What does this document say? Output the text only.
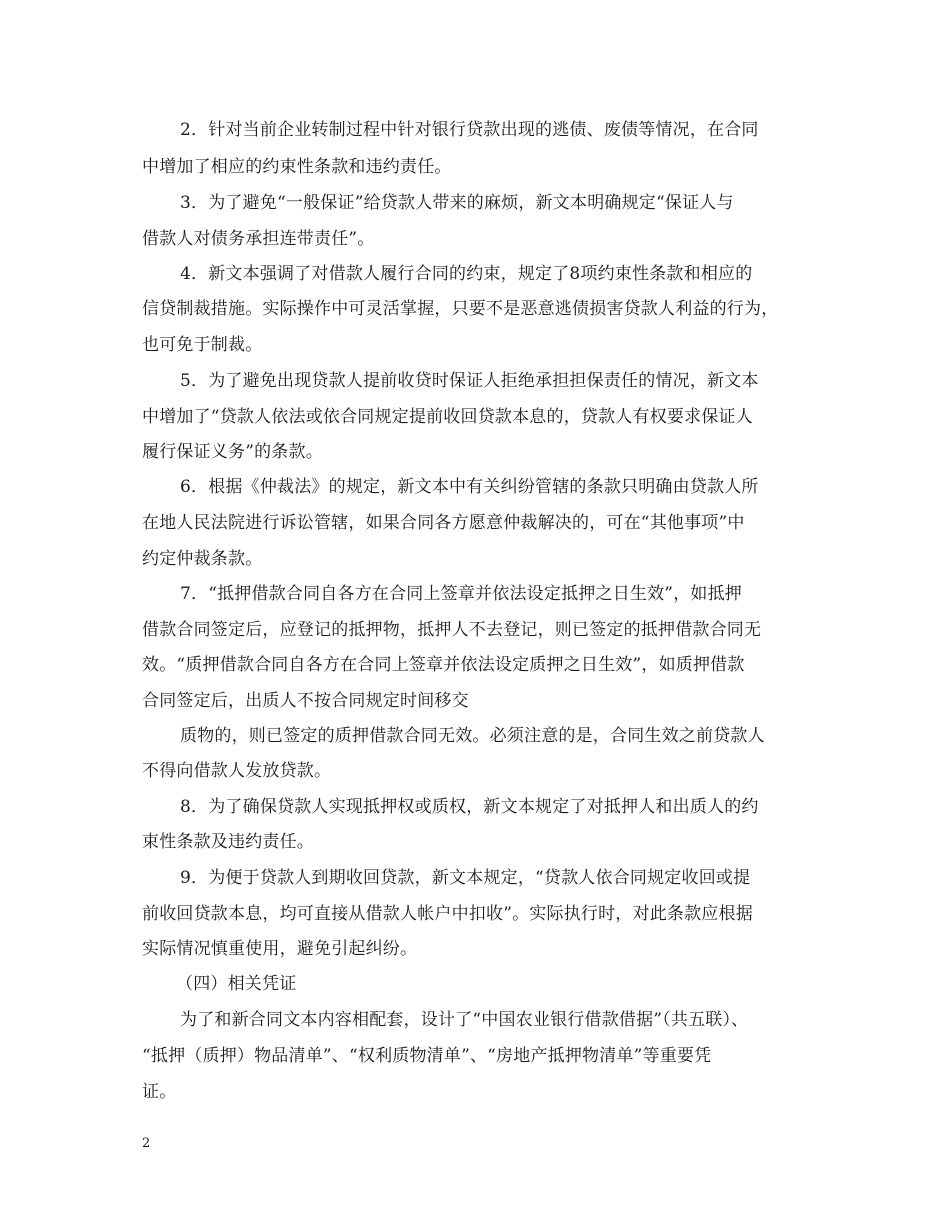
2．针对当前企业转制过程中针对银行贷款出现的逃债、废债等情况，在合同
中增加了相应的约束性条款和违约责任。
3．为了避免“一般保证”给贷款人带来的麻烦，新文本明确规定“保证人与
借款人对债务承担连带责任”。
4．新文本强调了对借款人履行合同的约束，规定了8项约束性条款和相应的
信贷制裁措施。实际操作中可灵活掌握，只要不是恶意逃债损害贷款人利益的行为，
也可免于制裁。
5．为了避免出现贷款人提前收贷时保证人拒绝承担担保责任的情况，新文本
中增加了“贷款人依法或依合同规定提前收回贷款本息的，贷款人有权要求保证人
履行保证义务”的条款。
6．根据《仲裁法》的规定，新文本中有关纠纷管辖的条款只明确由贷款人所
在地人民法院进行诉讼管辖，如果合同各方愿意仲裁解决的，可在“其他事项”中
约定仲裁条款。
7．“抵押借款合同自各方在合同上签章并依法设定抵押之日生效”，如抵押
借款合同签定后，应登记的抵押物，抵押人不去登记，则已签定的抵押借款合同无
效。“质押借款合同自各方在合同上签章并依法设定质押之日生效”，如质押借款
合同签定后，出质人不按合同规定时间移交
质物的，则已签定的质押借款合同无效。必须注意的是，合同生效之前贷款人
不得向借款人发放贷款。
8．为了确保贷款人实现抵押权或质权，新文本规定了对抵押人和出质人的约
束性条款及违约责任。
9．为便于贷款人到期收回贷款，新文本规定，“贷款人依合同规定收回或提
前收回贷款本息，均可直接从借款人帐户中扣收”。实际执行时，对此条款应根据
实际情况慎重使用，避免引起纠纷。
（四）相关凭证
为了和新合同文本内容相配套，设计了“中国农业银行借款借据”（共五联）、
“抵押（质押）物品清单”、“权利质物清单”、“房地产抵押物清单”等重要凭
证。
2
